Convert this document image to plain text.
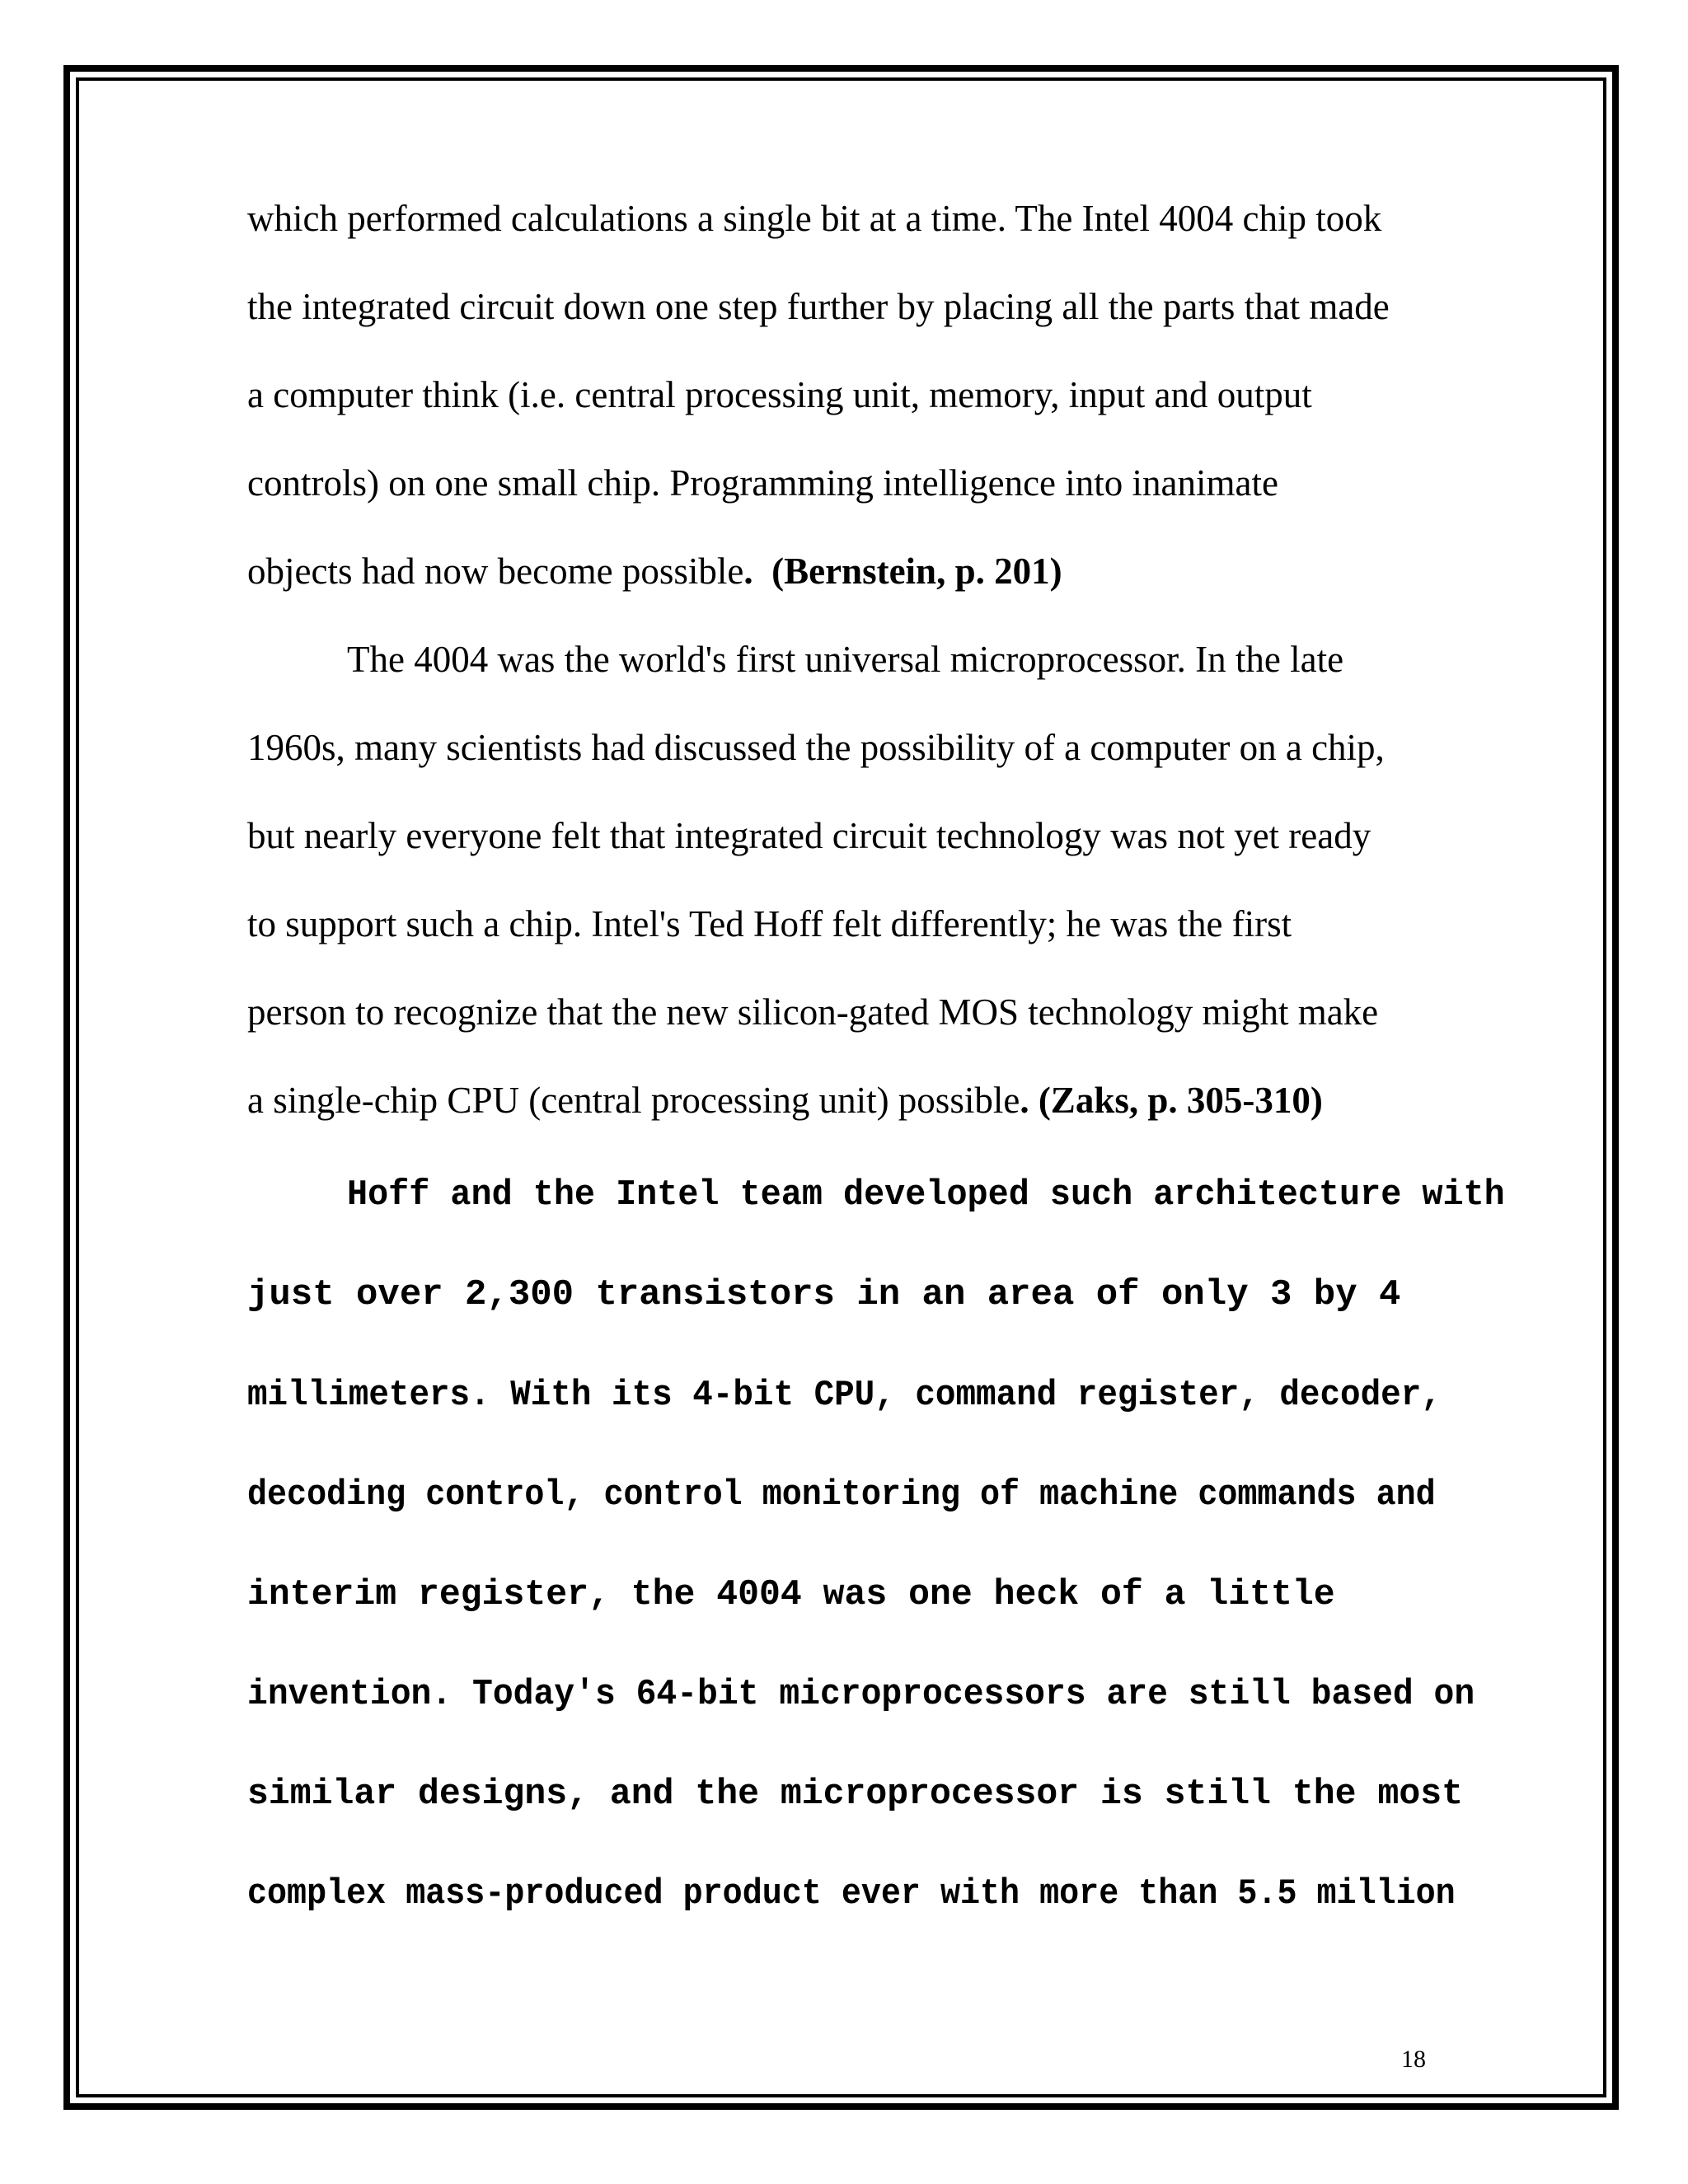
which performed calculations a single bit at a time. The Intel 4004 chip took
the integrated circuit down one step further by placing all the parts that made
a computer think (i.e. central processing unit, memory, input and output
controls) on one small chip. Programming intelligence into inanimate
objects had now become possible. (Bernstein, p. 201)
The 4004 was the world's first universal microprocessor. In the late
1960s, many scientists had discussed the possibility of a computer on a chip,
but nearly everyone felt that integrated circuit technology was not yet ready
to support such a chip. Intel's Ted Hoff felt differently; he was the first
person to recognize that the new silicon-gated MOS technology might make
a single-chip CPU (central processing unit) possible. (Zaks, p. 305-310)
Hoff and the Intel team developed such architecture with
just over 2,300 transistors in an area of only 3 by 4
millimeters. With its 4-bit CPU, command register, decoder,
decoding control, control monitoring of machine commands and
interim register, the 4004 was one heck of a little
invention. Today's 64-bit microprocessors are still based on
similar designs, and the microprocessor is still the most
complex mass-produced product ever with more than 5.5 million
18
